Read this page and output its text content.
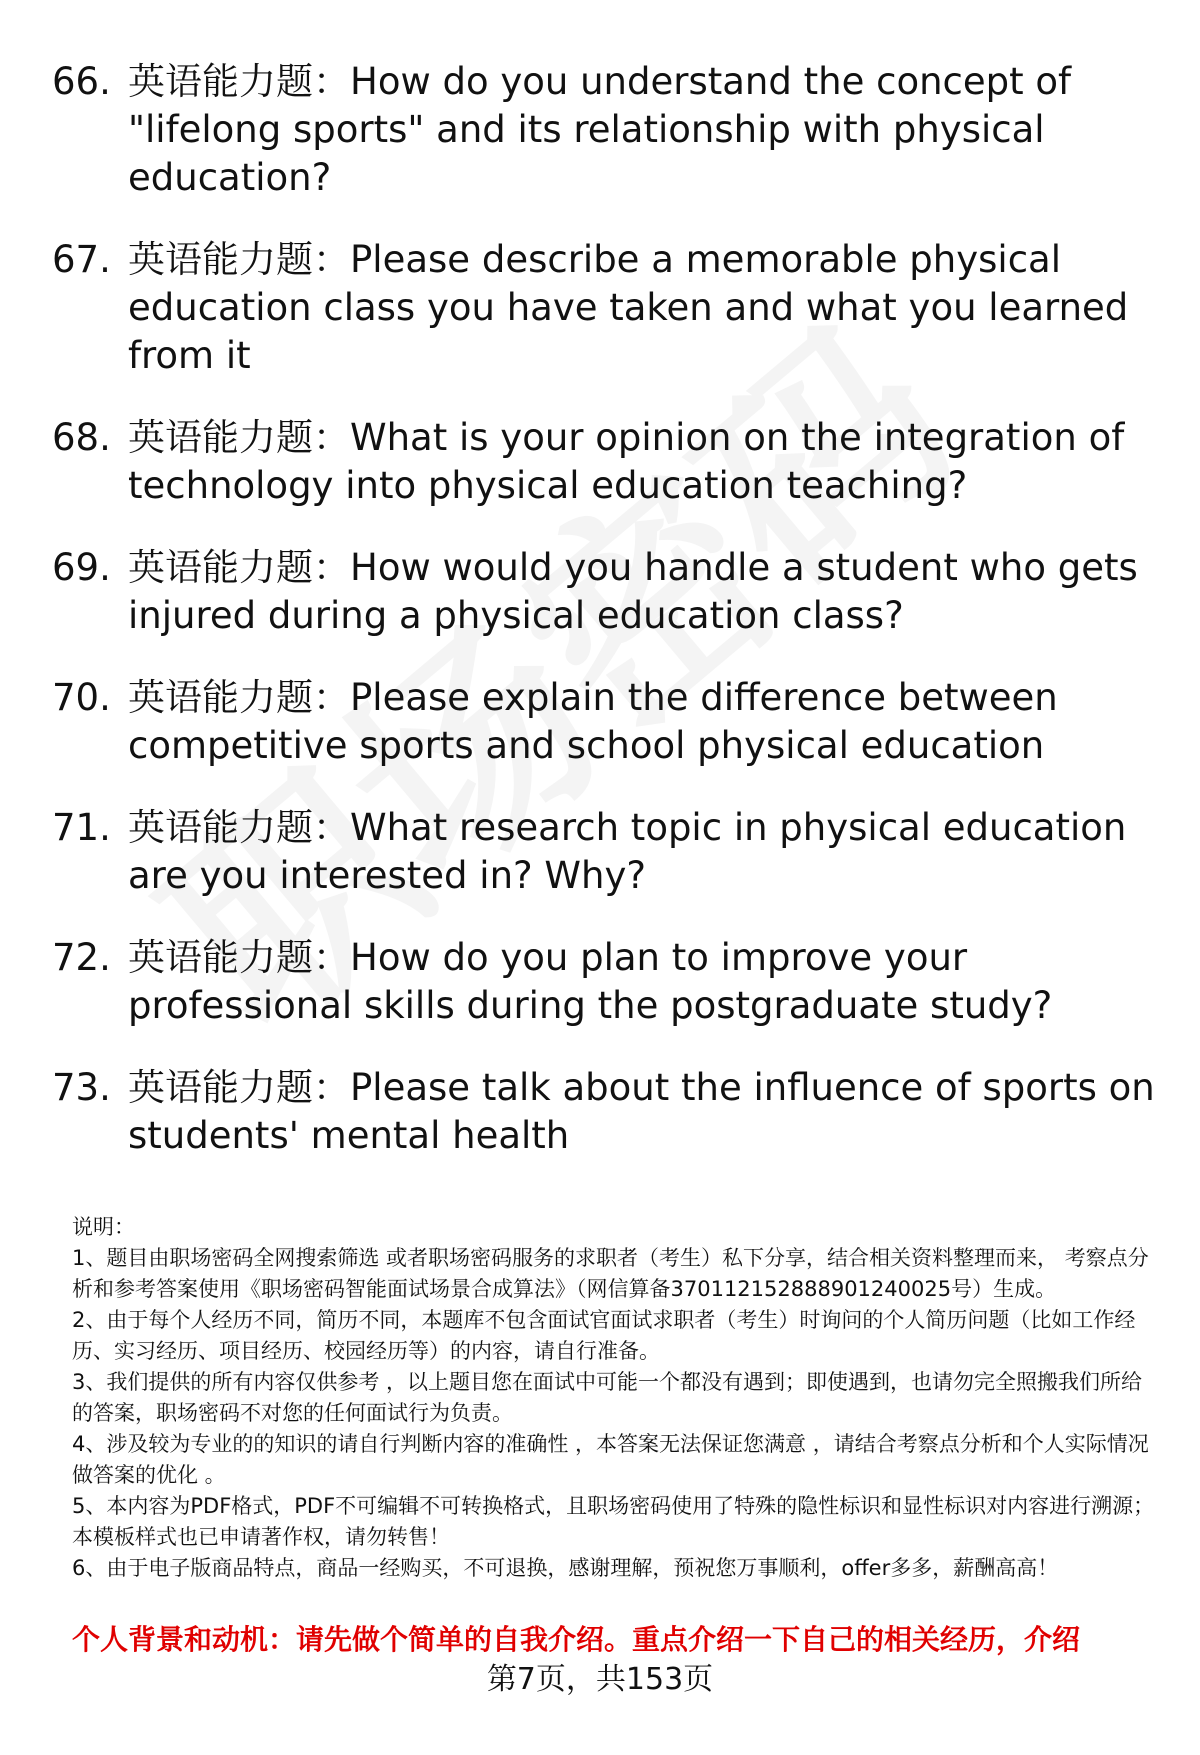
66. 英语能力题：How do you understand the concept of "lifelong sports" and its relationship with physical education?
67. 英语能力题：Please describe a memorable physical education class you have taken and what you learned from it
68. 英语能力题：What is your opinion on the integration of technology into physical education teaching?
69. 英语能力题：How would you handle a student who gets injured during a physical education class?
70. 英语能力题：Please explain the difference between competitive sports and school physical education
71. 英语能力题：What research topic in physical education are you interested in? Why?
72. 英语能力题：How do you plan to improve your professional skills during the postgraduate study?
73. 英语能力题：Please talk about the influence of sports on students' mental health

说明：

1、题目由职场密码全网搜索筛选 或者职场密码服务的求职者（考生）私下分享，结合相关资料整理而来， 考察点分析和参考答案使用《职场密码智能面试场景合成算法》（网信算备370112152888901240025号）生成。

2、由于每个人经历不同，简历不同，本题库不包含面试官面试求职者（考生）时询问的个人简历问题（比如工作经历、实习经历、项目经历、校园经历等）的内容，请自行准备。

3、我们提供的所有内容仅供参考 ，以上题目您在面试中可能一个都没有遇到；即使遇到，也请勿完全照搬我们所给的答案，职场密码不对您的任何面试行为负责。

4、涉及较为专业的的知识的请自行判断内容的准确性 ，本答案无法保证您满意 ，请结合考察点分析和个人实际情况做答案的优化 。

5、本内容为PDF格式，PDF不可编辑不可转换格式，且职场密码使用了特殊的隐性标识和显性标识对内容进行溯源；本模板样式也已申请著作权，请勿转售！

6、由于电子版商品特点，商品一经购买，不可退换，感谢理解，预祝您万事顺利，offer多多，薪酬高高！

个人背景和动机：请先做个简单的自我介绍。重点介绍一下自己的相关经历，介绍
第7页，共153页
